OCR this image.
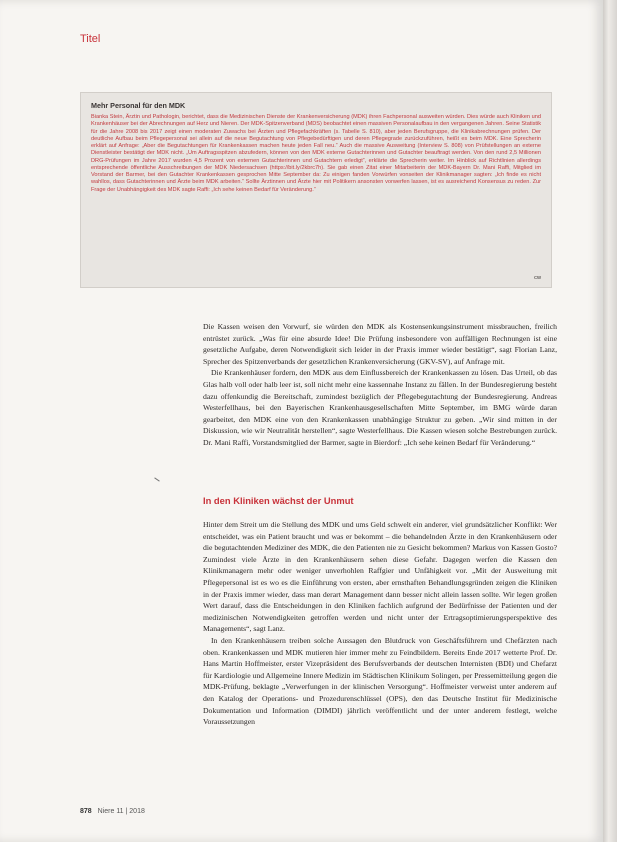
Titel
Mehr Personal für den MDK

Bianka Stein, Ärztin und Pathologin, berichtet, dass die Medizinischen Dienste der Krankenversicherung (MDK) ihren Fachpersonal ausweiten würden. Dies würde auch Kliniken und Krankenhäuser bei der Abrechnungen auf Herz und Nieren. Der MDK-Spitzenverband (MDS) beobachtet einen massiven Personalaufbau in den vergangenen Jahren. Seine Statistik für die Jahre 2008 bis 2017 zeigt einen moderaten Zuwachs bei Ärzten und Pflegefachkräften (s. Tabelle S. 810), aber jeden Berufsgruppe, die Klinikabrechnungen prüfen. Der deutliche Aufbau beim Pflegepersonal sei allein auf die neue Begutachtung von Pflegebedürftigen und deren Pflegegrade zurückzuführen, heißt es beim MDK. Eine Sprecherin erklärt auf Anfrage: „Aber die Begutachtungen für Krankenkassen machen heute jeden Fall neu.“ Auch die massive Ausweitung (Interview S. 808) von Prüfstellungen an externe Dienstleister bestätigt der MDK nicht. „Um Auftragsspitzen abzufedern, können von den MDK externe Gutachterinnen und Gutachter beauftragt werden. Von den rund 2,5 Millionen DRG-Prüfungen im Jahre 2017 wurden 4,5 Prozent von externen Gutachterinnen und Gutachtern erledigt“, erklärte die Sprecherin weiter. Im Hinblick auf Richtlinien allerdings entsprechende öffentliche Ausschreibungen der MDK Niedersachsen (https://bit.ly/2kbrc7h). Sie gab einen Zitat einer Mitarbeiterin der MDK-Bayern Dr. Mani Raffi, Mitglied im Vorstand der Barmer, bei den Gutachter Krankenkassen gesprochen Mitte September da: Zu einigen fanden Vorwürfen vonseiten der Klinikmanager sagten: „Ich finde es nicht wahllos, dass Gutachterinnen und Ärzte beim MDK arbeiten.“ Sollte Ärztinnen und Ärzte hier mit Politikern ansonsten vorwerfen lassen, ist es ausreichend Konsensus zu reden. Zur Frage der Unabhängigkeit des MDK sagte Raffi: „Ich sehe keinen Bedarf für Veränderung.“

cw

Die Kassen weisen den Vorwurf, sie würden den MDK als Kostensenkungsinstrument missbrauchen, freilich entrüstet zurück. „Was für eine absurde Idee! Die Prüfung insbesondere von auffälligen Rechnungen ist eine gesetzliche Aufgabe, deren Notwendigkeit sich leider in der Praxis immer wieder bestätigt“, sagt Florian Lanz, Sprecher des Spitzenverbands der gesetzlichen Krankenversicherung (GKV-SV), auf Anfrage mit.

Die Krankenhäuser fordern, den MDK aus dem Einflussbereich der Krankenkassen zu lösen. Das Urteil, ob das Glas halb voll oder halb leer ist, soll nicht mehr eine kassennahe Instanz zu fällen. In der Bundesregierung besteht dazu offenkundig die Bereitschaft, zumindest bezüglich der Pflegebegutachtung der Bundesregierung. Andreas Westerfellhaus, bei den Bayerischen Krankenhausgesellschaften Mitte September, im BMG würde daran gearbeitet, den MDK eine von den Krankenkassen unabhängige Struktur zu geben. „Wir sind mitten in der Diskussion, wie wir Neutralität herstellen“, sagte Westerfellhaus. Die Kassen wiesen solche Bestrebungen zurück. Dr. Mani Raffi, Vorstandsmitglied der Barmer, sagte in Bierdorf: „Ich sehe keinen Bedarf für Veränderung.“

In den Kliniken wächst der Unmut

Hinter dem Streit um die Stellung des MDK und ums Geld schwelt ein anderer, viel grundsätzlicher Konflikt: Wer entscheidet, was ein Patient braucht und was er bekommt – die behandelnden Ärzte in den Krankenhäusern oder die begutachtenden Mediziner des MDK, die den Patienten nie zu Gesicht bekommen? Markus von Kassen Gosto? Zumindest viele Ärzte in den Krankenhäusern sehen diese Gefahr. Dagegen werfen die Kassen den Klinikmanagern mehr oder weniger unverhohlen Raffgier und Unfähigkeit vor. „Mit der Ausweitung mit Pflegepersonal ist es wo es die Einführung von ersten, aber ernsthaften Behandlungsgründen zeigen die Kliniken in der Praxis immer wieder, dass man derart Management dann besser nicht allein lassen sollte. Wir legen großen Wert darauf, dass die Entscheidungen in den Kliniken fachlich aufgrund der Bedürfnisse der Patienten und der medizinischen Notwendigkeiten getroffen werden und nicht unter der Ertragsoptimierungsperspektive des Managements“, sagt Lanz.

In den Krankenhäusern treiben solche Aussagen den Blutdruck von Geschäftsführern und Chefärzten nach oben. Krankenkassen und MDK mutieren hier immer mehr zu Feindbildern. Bereits Ende 2017 wetterte Prof. Dr. Hans Martin Hoffmeister, erster Vizepräsident des Berufsverbands der deutschen Internisten (BDI) und Chefarzt für Kardiologie und Allgemeine Innere Medizin im Städtischen Klinikum Solingen, per Pressemitteilung gegen die MDK-Prüfung, beklagte „Verwerfungen in der klinischen Versorgung“. Hoffmeister verweist unter anderem auf den Katalog der Operations- und Prozedurenschlüssel (OPS), den das Deutsche Institut für Medizinische Dokumentation und Information (DIMDI) jährlich veröffentlicht und der unter anderem festlegt, welche Voraussetzungen

878 Niere 11 | 2018
